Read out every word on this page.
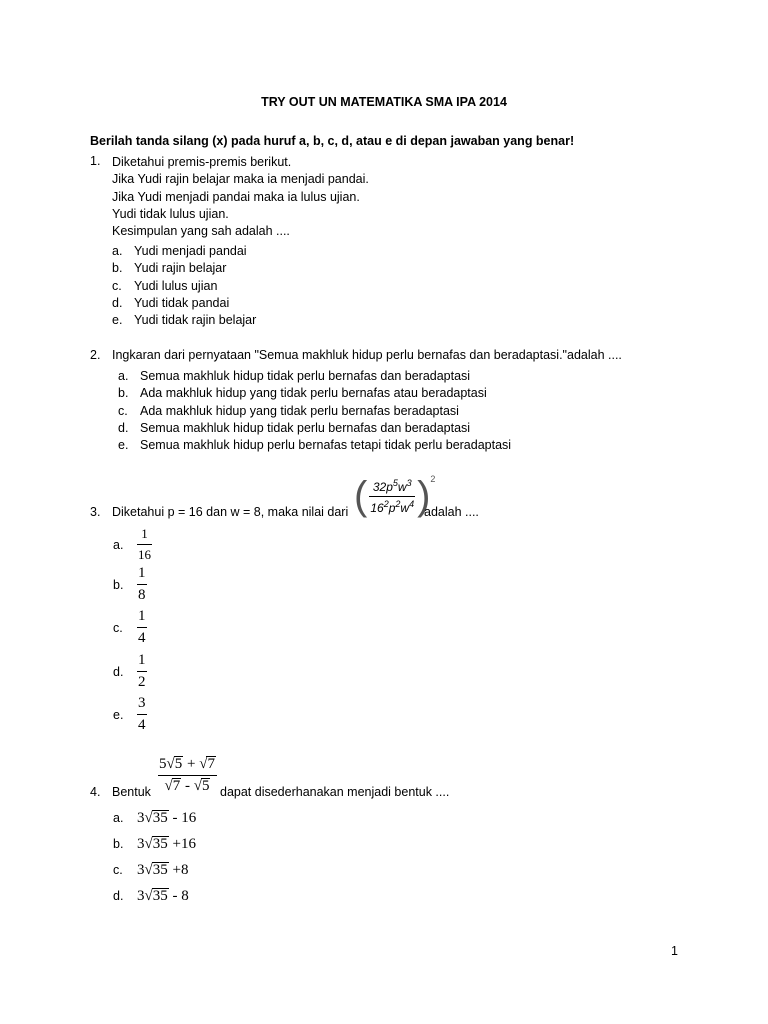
TRY OUT UN MATEMATIKA SMA IPA 2014
Berilah tanda silang (x) pada huruf a, b, c, d, atau e di depan jawaban yang benar!
1. Diketahui premis-premis berikut.
Jika Yudi rajin belajar maka ia menjadi pandai.
Jika Yudi menjadi pandai maka ia lulus ujian.
Yudi tidak lulus ujian.
Kesimpulan yang sah adalah ....
a. Yudi menjadi pandai
b. Yudi rajin belajar
c. Yudi lulus ujian
d. Yudi tidak pandai
e. Yudi tidak rajin belajar
2. Ingkaran dari pernyataan "Semua makhluk hidup perlu bernafas dan beradaptasi."adalah ....
a. Semua makhluk hidup tidak perlu bernafas dan beradaptasi
b. Ada makhluk hidup yang tidak perlu bernafas atau beradaptasi
c. Ada makhluk hidup yang tidak perlu bernafas beradaptasi
d. Semua makhluk hidup tidak perlu bernafas dan beradaptasi
e. Semua makhluk hidup perlu bernafas tetapi tidak perlu beradaptasi
3. Diketahui p = 16 dan w = 8, maka nilai dari ( $\frac{32p^5w^3}{16^2p^2w^4}$ ) 2
adalah ....
a. $\frac{1}{16}$
b. $\frac{1}{8}$
c. $\frac{1}{4}$
d. $\frac{1}{2}$
e. $\frac{3}{4}$
4. Bentuk $\frac{5√5 + √7}{√7 - √5}$ dapat disederhanakan menjadi bentuk ....
a. 3√35 - 16
b. 3√35 +16
c. 3√35 +8
d. 3√35 - 8
1
